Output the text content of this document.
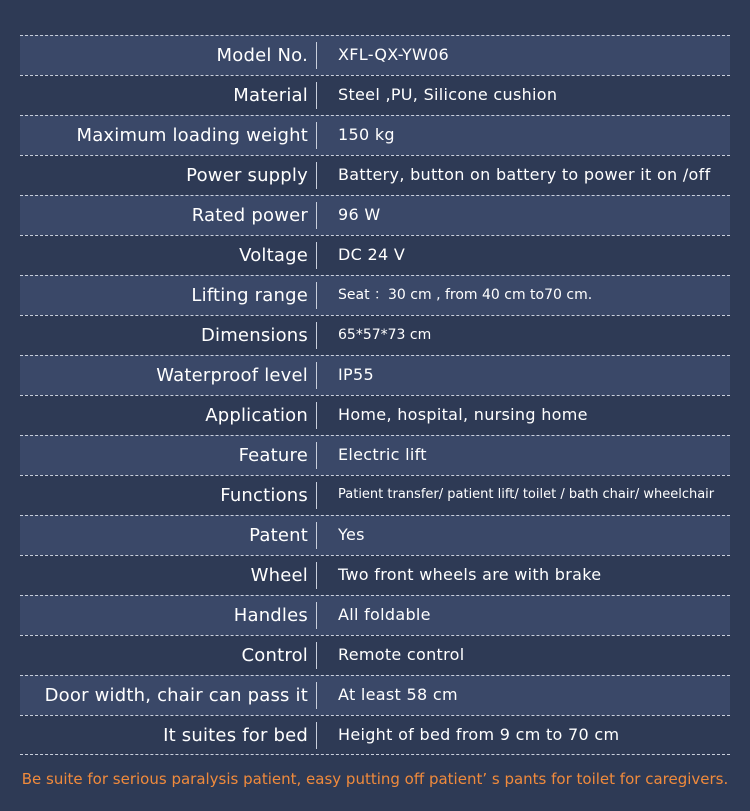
Model No. XFL-QX-YW06
Material Steel ,PU, Silicone cushion
Maximum loading weight 150 kg
Power supply Battery, button on battery to power it on /off
Rated power 96 W
Voltage DC 24 V
Lifting range Seat ：30 cm , from 40 cm to70 cm.
Dimensions 65*57*73 cm
Waterproof level IP55
Application Home, hospital, nursing home
Feature Electric lift
Functions Patient transfer/ patient lift/ toilet / bath chair/ wheelchair
Patent Yes
Wheel Two front wheels are with brake
Handles All foldable
Control Remote control
Door width, chair can pass it At least 58 cm
It suites for bed Height of bed from 9 cm to 70 cm
Be suite for serious paralysis patient, easy putting off patient’ s pants for toilet for caregivers.
